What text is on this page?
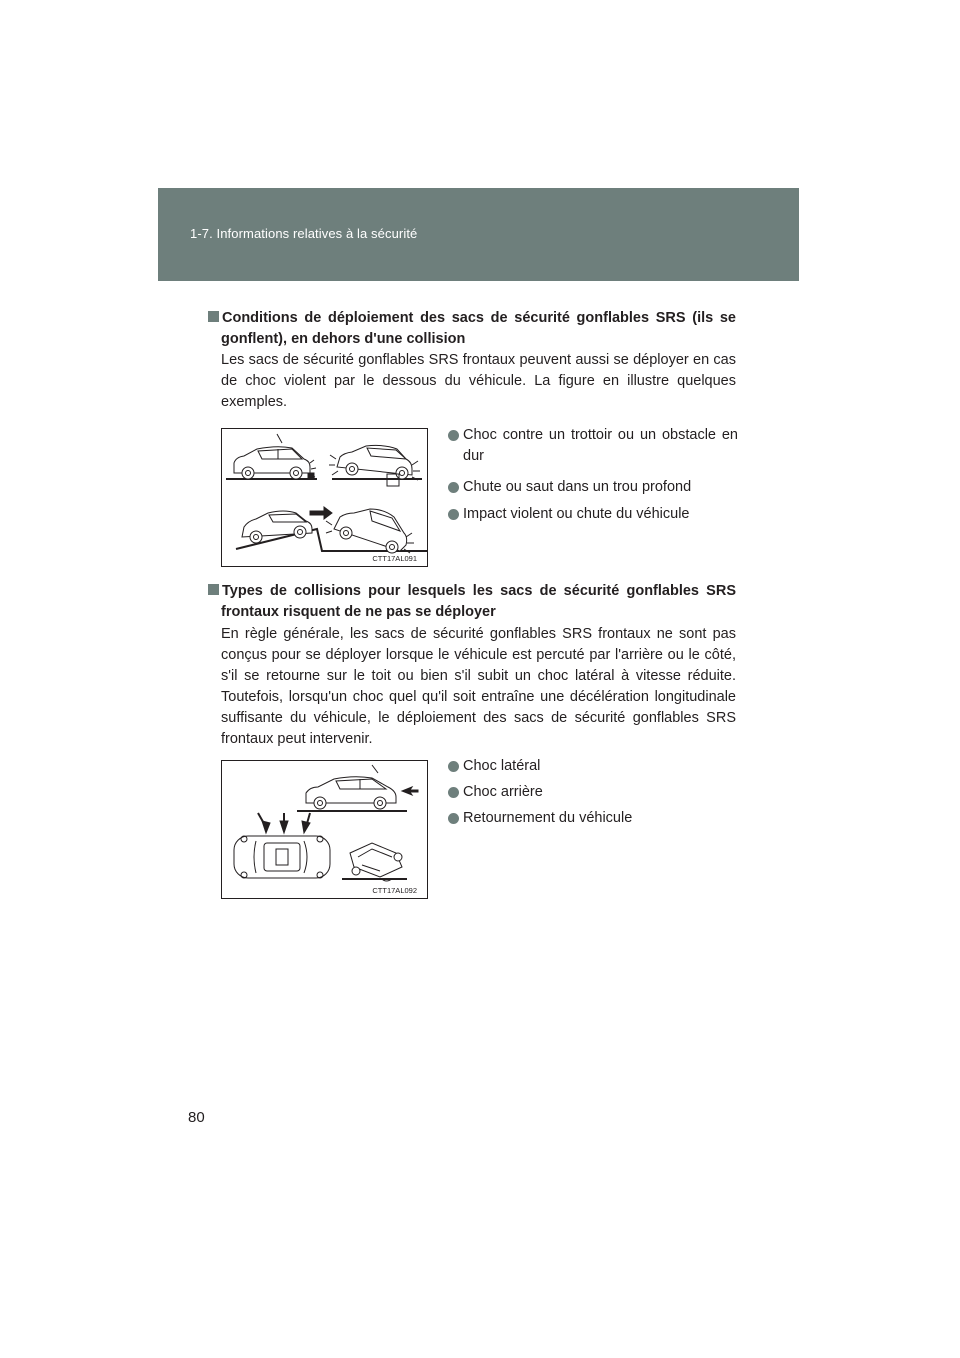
1-7. Informations relatives à la sécurité
Conditions de déploiement des sacs de sécurité gonflables SRS (ils se gonflent), en dehors d'une collision
Les sacs de sécurité gonflables SRS frontaux peuvent aussi se déployer en cas de choc violent par le dessous du véhicule. La figure en illustre quelques exemples.
CTT17AL091
Choc contre un trottoir ou un obstacle en dur
Chute ou saut dans un trou profond
Impact violent ou chute du véhicule
Types de collisions pour lesquels les sacs de sécurité gonflables SRS frontaux risquent de ne pas se déployer
En règle générale, les sacs de sécurité gonflables SRS frontaux ne sont pas conçus pour se déployer lorsque le véhicule est percuté par l'arrière ou le côté, s'il se retourne sur le toit ou bien s'il subit un choc latéral à vitesse réduite. Toutefois, lorsqu'un choc quel qu'il soit entraîne une décélération longitudinale suffisante du véhicule, le déploiement des sacs de sécurité gonflables SRS frontaux peut intervenir.
CTT17AL092
Choc latéral
Choc arrière
Retournement du véhicule
80
